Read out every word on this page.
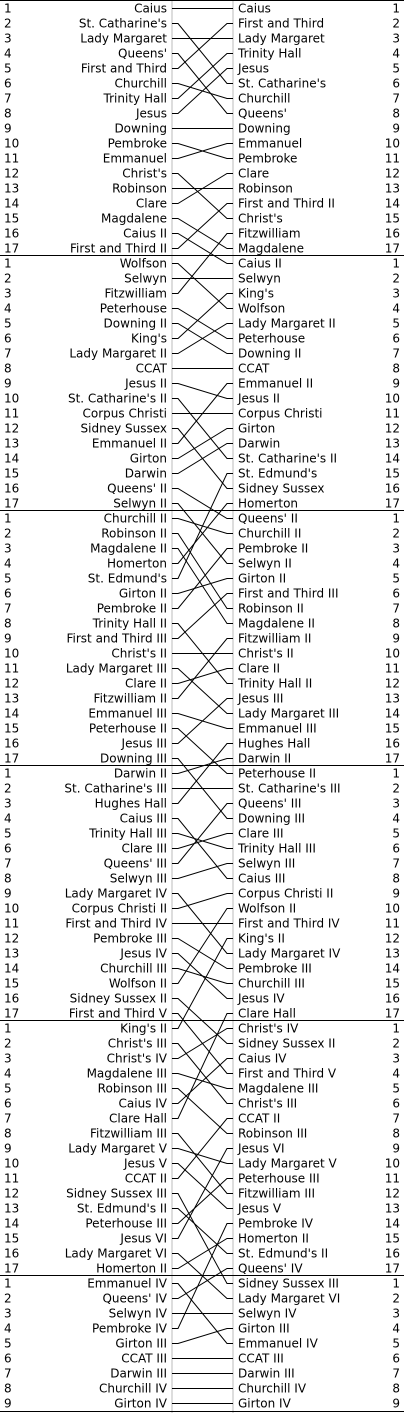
1	Caius
2	St. Catharine's
3	Lady Margaret
4	Queens'
5	First and Third
6	Churchill
7	Trinity Hall
8	Jesus
9	Downing
10	Pembroke
11	Emmanuel
12	Christ's
13	Robinson
14	Clare
15	Magdalene
16	Caius II
17	First and Third II
1	Wolfson
2	Selwyn
3	Fitzwilliam
4	Peterhouse
5	Downing II
6	King's
7	Lady Margaret II
8	CCAT
9	Jesus II
10	St. Catharine's II
11	Corpus Christi
12	Sidney Sussex
13	Emmanuel II
14	Girton
15	Darwin
16	Queens' II
17	Selwyn II
1	Churchill II
2	Robinson II
3	Magdalene II
4	Homerton
5	St. Edmund's
6	Girton II
7	Pembroke II
8	Trinity Hall II
9	First and Third III
10	Christ's II
11	Lady Margaret III
12	Clare II
13	Fitzwilliam II
14	Emmanuel III
15	Peterhouse II
16	Jesus III
17	Downing III
1	Darwin II
2	St. Catharine's III
3	Hughes Hall
4	Caius III
5	Trinity Hall III
6	Clare III
7	Queens' III
8	Selwyn III
9	Lady Margaret IV
10	Corpus Christi II
11	First and Third IV
12	Pembroke III
13	Jesus IV
14	Churchill III
15	Wolfson II
16	Sidney Sussex II
17	First and Third V
1	King's II
2	Christ's III
3	Christ's IV
4	Magdalene III
5	Robinson III
6	Caius IV
7	Clare Hall
8	Fitzwilliam III
9	Lady Margaret V
10	Jesus V
11	CCAT II
12	Sidney Sussex III
13	St. Edmund's II
14	Peterhouse III
15	Jesus VI
16	Lady Margaret VI
17	Homerton II
1	Emmanuel IV
2	Queens' IV
3	Selwyn IV
4	Pembroke IV
5	Girton III
6	CCAT III
7	Darwin III
8	Churchill IV
9	Girton IV
Caius	1
First and Third	2
Lady Margaret	3
Trinity Hall	4
Jesus	5
St. Catharine's	6
Churchill	7
Queens'	8
Downing	9
Emmanuel	10
Pembroke	11
Clare	12
Robinson	13
First and Third II	14
Christ's	15
Fitzwilliam	16
Magdalene	17
Caius II	1
Selwyn	2
King's	3
Wolfson	4
Lady Margaret II	5
Peterhouse	6
Downing II	7
CCAT	8
Emmanuel II	9
Jesus II	10
Corpus Christi	11
Girton	12
Darwin	13
St. Catharine's II	14
St. Edmund's	15
Sidney Sussex	16
Homerton	17
Queens' II	1
Churchill II	2
Pembroke II	3
Selwyn II	4
Girton II	5
First and Third III	6
Robinson II	7
Magdalene II	8
Fitzwilliam II	9
Christ's II	10
Clare II	11
Trinity Hall II	12
Jesus III	13
Lady Margaret III	14
Emmanuel III	15
Hughes Hall	16
Darwin II	17
Peterhouse II	1
St. Catharine's III	2
Queens' III	3
Downing III	4
Clare III	5
Trinity Hall III	6
Selwyn III	7
Caius III	8
Corpus Christi II	9
Wolfson II	10
First and Third IV	11
King's II	12
Lady Margaret IV	13
Pembroke III	14
Churchill III	15
Jesus IV	16
Clare Hall	17
Christ's IV	1
Sidney Sussex II	2
Caius IV	3
First and Third V	4
Magdalene III	5
Christ's III	6
CCAT II	7
Robinson III	8
Jesus VI	9
Lady Margaret V	10
Peterhouse III	11
Fitzwilliam III	12
Jesus V	13
Pembroke IV	14
Homerton II	15
St. Edmund's II	16
Queens' IV	17
Sidney Sussex III	1
Lady Margaret VI	2
Selwyn IV	3
Girton III	4
Emmanuel IV	5
CCAT III	6
Darwin III	7
Churchill IV	8
Girton IV	9
